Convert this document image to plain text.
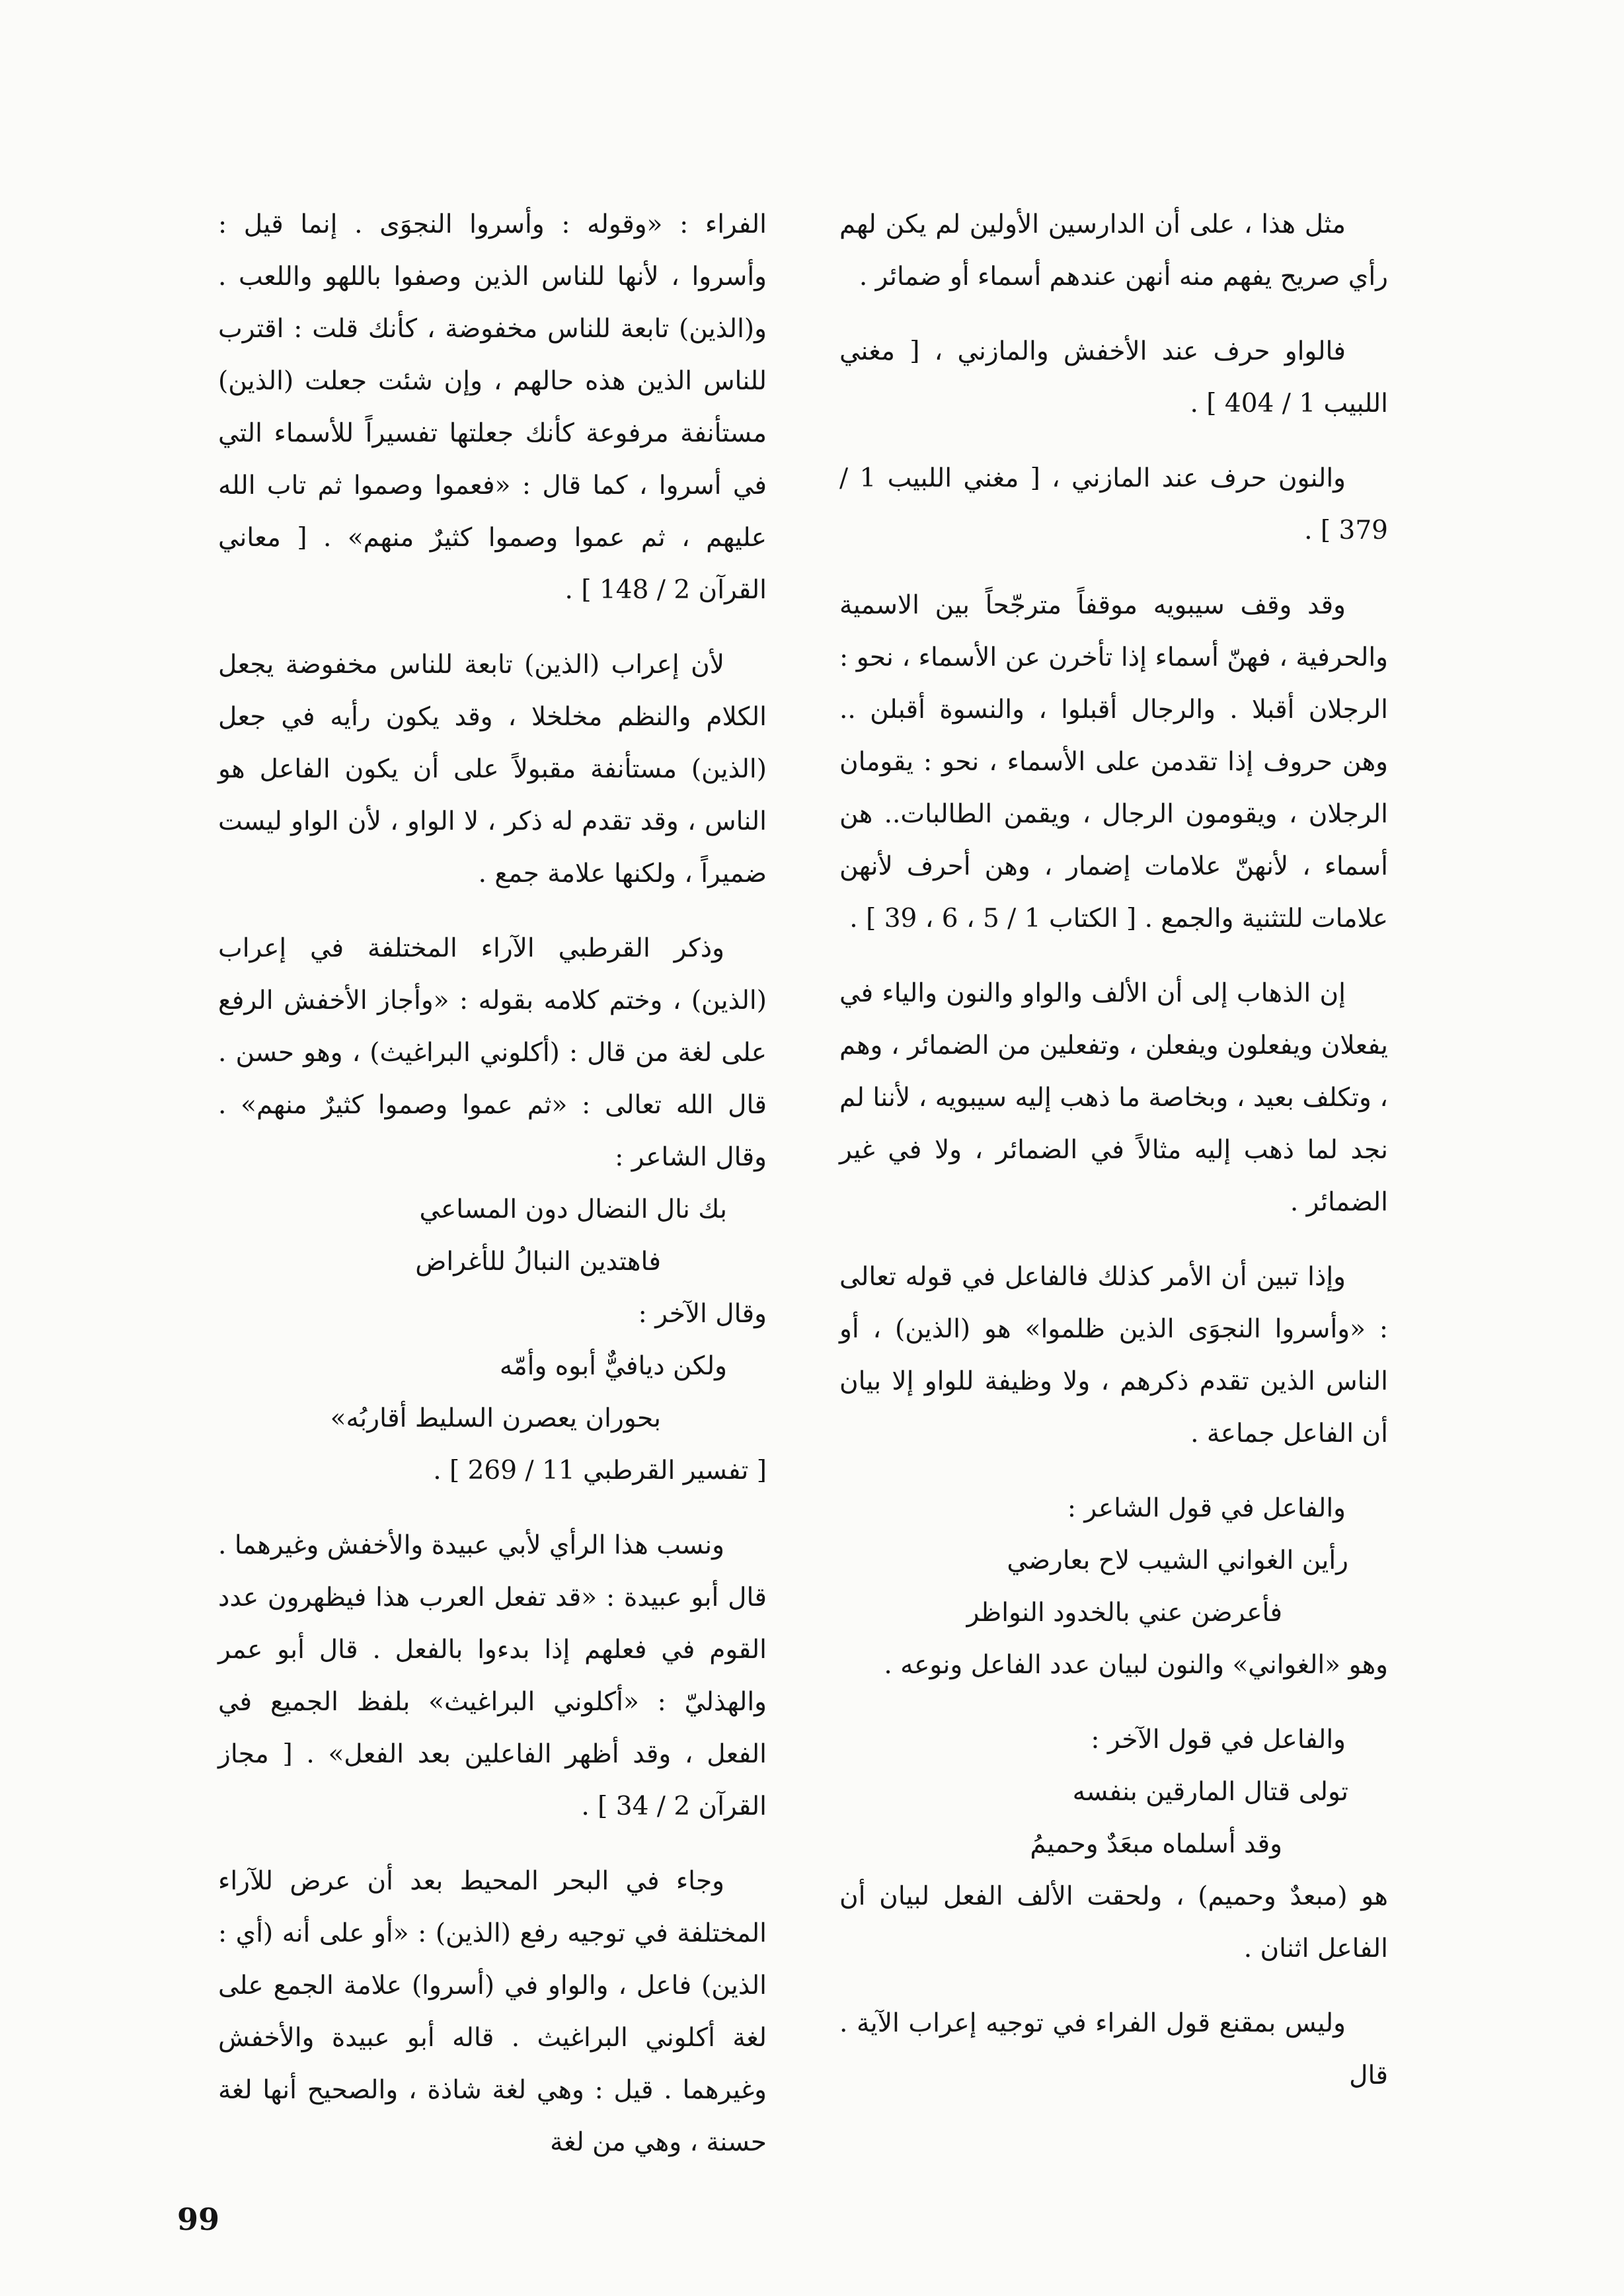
مثل هذا ، على أن الدارسين الأولين لم يكن لهم رأي صريح يفهم منه أنهن عندهم أسماء أو ضمائر .

فالواو حرف عند الأخفش والمازني ، [ مغني اللبيب 1 / 404 ] .

والنون حرف عند المازني ، [ مغني اللبيب 1 / 379 ] .

وقد وقف سيبويه موقفاً مترجّحاً بين الاسمية والحرفية ، فهنّ أسماء إذا تأخرن عن الأسماء ، نحو : الرجلان أقبلا . والرجال أقبلوا ، والنسوة أقبلن .. وهن حروف إذا تقدمن على الأسماء ، نحو : يقومان الرجلان ، ويقومون الرجال ، ويقمن الطالبات.. هن أسماء ، لأنهنّ علامات إضمار ، وهن أحرف لأنهن علامات للتثنية والجمع . [ الكتاب 1 / 5 ، 6 ، 39 ] .

إن الذهاب إلى أن الألف والواو والنون والياء في يفعلان ويفعلون ويفعلن ، وتفعلين من الضمائر ، وهم ، وتكلف بعيد ، وبخاصة ما ذهب إليه سيبويه ، لأننا لم نجد لما ذهب إليه مثالاً في الضمائر ، ولا في غير الضمائر .

وإذا تبين أن الأمر كذلك فالفاعل في قوله تعالى : «وأسروا النجوَى الذين ظلموا» هو (الذين) ، أو الناس الذين تقدم ذكرهم ، ولا وظيفة للواو إلا بيان أن الفاعل جماعة .

والفاعل في قول الشاعر :

رأين الغواني الشيب لاح بعارضي
فأعرضن عني بالخدود النواظر

وهو «الغواني» والنون لبيان عدد الفاعل ونوعه .

والفاعل في قول الآخر :

تولى قتال المارقين بنفسه
وقد أسلماه مبعَدٌ وحميمُ

هو (مبعدٌ وحميم) ، ولحقت الألف الفعل لبيان أن الفاعل اثنان .

وليس بمقنع قول الفراء في توجيه إعراب الآية . قال

الفراء : «وقوله : وأسروا النجوَى . إنما قيل : وأسروا ، لأنها للناس الذين وصفوا باللهو واللعب . و(الذين) تابعة للناس مخفوضة ، كأنك قلت : اقترب للناس الذين هذه حالهم ، وإن شئت جعلت (الذين) مستأنفة مرفوعة كأنك جعلتها تفسيراً للأسماء التي في أسروا ، كما قال : «فعموا وصموا ثم تاب الله عليهم ، ثم عموا وصموا كثيرٌ منهم» . [ معاني القرآن 2 / 148 ] .

لأن إعراب (الذين) تابعة للناس مخفوضة يجعل الكلام والنظم مخلخلا ، وقد يكون رأيه في جعل (الذين) مستأنفة مقبولاً على أن يكون الفاعل هو الناس ، وقد تقدم له ذكر ، لا الواو ، لأن الواو ليست ضميراً ، ولكنها علامة جمع .

وذكر القرطبي الآراء المختلفة في إعراب (الذين) ، وختم كلامه بقوله : «وأجاز الأخفش الرفع على لغة من قال : (أكلوني البراغيث) ، وهو حسن . قال الله تعالى : «ثم عموا وصموا كثيرٌ منهم» . وقال الشاعر :

بك نال النضال دون المساعي
فاهتدين النبالُ للأغراض

وقال الآخر :

ولكن ديافيٌّ أبوه وأمّه
بحوران يعصرن السليط أقاربُه»

[ تفسير القرطبي 11 / 269 ] .

ونسب هذا الرأي لأبي عبيدة والأخفش وغيرهما . قال أبو عبيدة : «قد تفعل العرب هذا فيظهرون عدد القوم في فعلهم إذا بدءوا بالفعل . قال أبو عمر والهذليّ : «أكلوني البراغيث» بلفظ الجميع في الفعل ، وقد أظهر الفاعلين بعد الفعل» . [ مجاز القرآن 2 / 34 ] .

وجاء في البحر المحيط بعد أن عرض للآراء المختلفة في توجيه رفع (الذين) : «أو على أنه (أي : الذين) فاعل ، والواو في (أسروا) علامة الجمع على لغة أكلوني البراغيث . قاله أبو عبيدة والأخفش وغيرهما . قيل : وهي لغة شاذة ، والصحيح أنها لغة حسنة ، وهي من لغة

99
